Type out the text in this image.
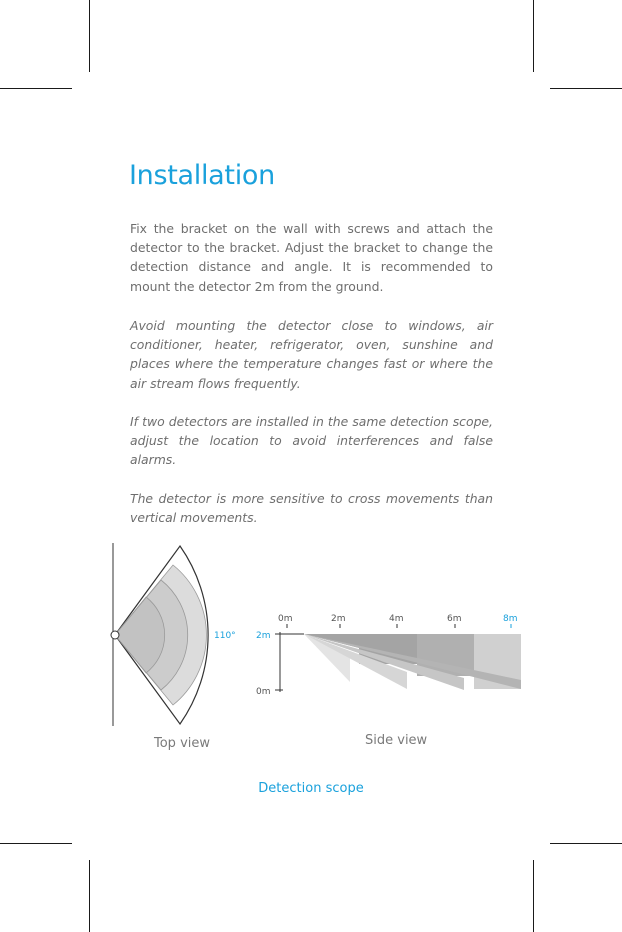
Installation

Fix the bracket on the wall with screws and attach the detector to the bracket. Adjust the bracket to change the detection distance and angle. It is recommended to mount the detector 2m from the ground.

Avoid mounting the detector close to windows, air conditioner, heater, refrigerator, oven, sunshine and places where the temperature changes fast or where the air stream flows frequently.

If two detectors are installed in the same detection scope, adjust the location to avoid interferences and false alarms.

The detector is more sensitive to cross movements than vertical movements.

110°
0m	2m	4m	6m	8m
2m
0m

Top view	Side view

Detection scope
